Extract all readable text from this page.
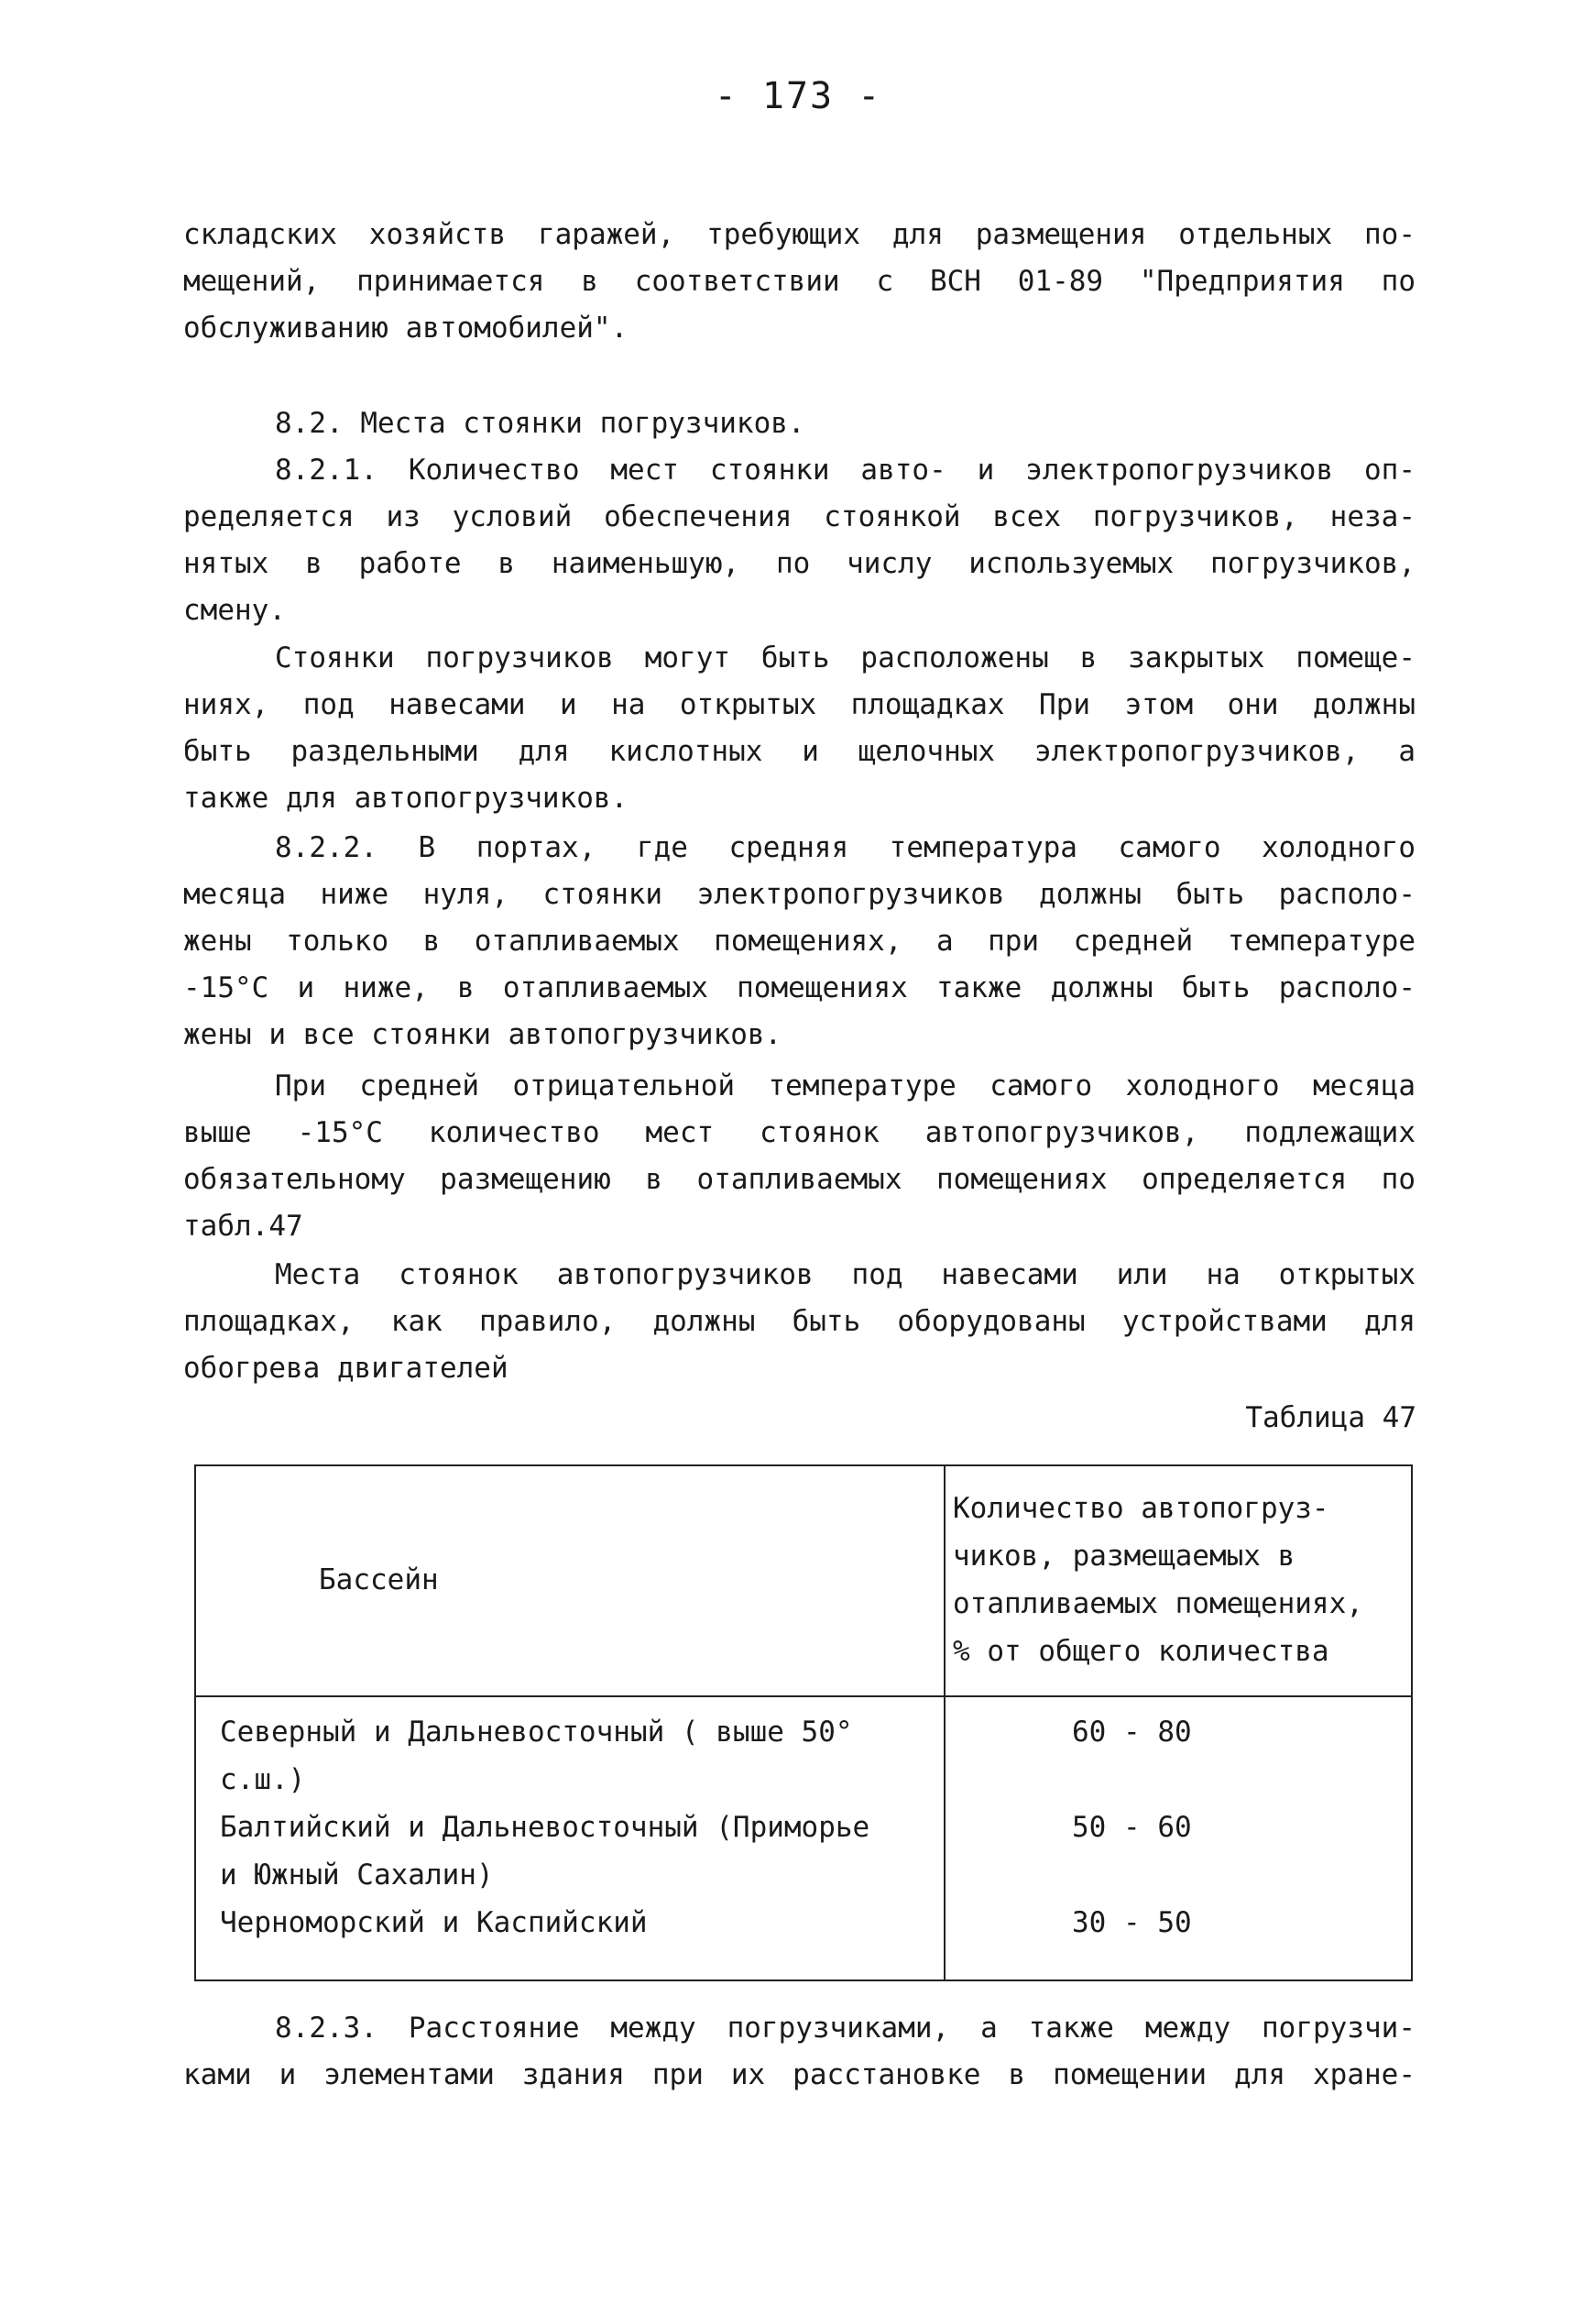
- 173 -
складских хозяйств гаражей, требующих для размещения отдельных по-
мещений, принимается в соответствии с ВСН 01-89 "Предприятия по
обслуживанию автомобилей".
8.2. Места стоянки погрузчиков.
8.2.1. Количество мест стоянки авто- и электропогрузчиков оп-
ределяется из условий обеспечения стоянкой всех погрузчиков, неза-
нятых в работе в наименьшую, по числу используемых погрузчиков,
смену.
Стоянки погрузчиков могут быть расположены в закрытых помеще-
ниях, под навесами и на открытых площадках При этом они должны
быть раздельными для кислотных и щелочных электропогрузчиков, а
также для автопогрузчиков.
8.2.2. В портах, где средняя температура самого холодного
месяца ниже нуля, стоянки электропогрузчиков должны быть располо-
жены только в отапливаемых помещениях, а при средней температуре
-15°С и ниже, в отапливаемых помещениях также должны быть располо-
жены и все стоянки автопогрузчиков.
При средней отрицательной температуре самого холодного месяца
выше -15°С количество мест стоянок автопогрузчиков, подлежащих
обязательному размещению в отапливаемых помещениях определяется по
табл.47
Места стоянок автопогрузчиков под навесами или на открытых
площадках, как правило, должны быть оборудованы устройствами для
обогрева двигателей
Таблица 47
Бассейн
Количество автопогруз-
чиков, размещаемых в
отапливаемых помещениях,
% от общего количества
Северный и Дальневосточный ( выше 50°
с.ш.)
60 - 80
Балтийский и Дальневосточный (Приморье
и Южный Сахалин)
50 - 60
Черноморский и Каспийский	30 - 50
8.2.3. Расстояние между погрузчиками, а также между погрузчи-
ками и элементами здания при их расстановке в помещении для хране-
